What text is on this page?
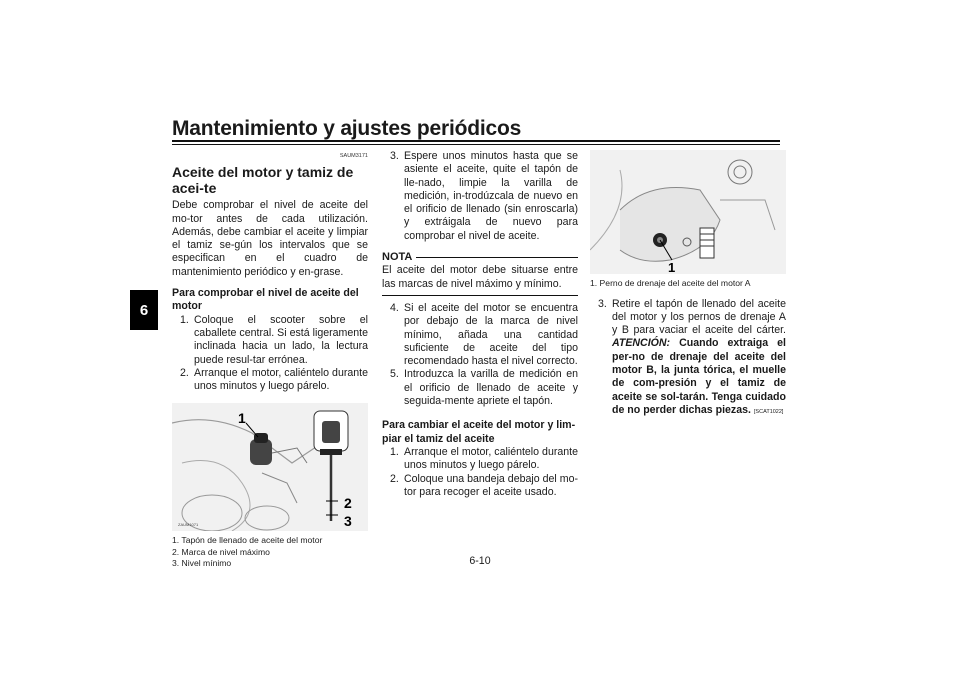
Mantenimiento y ajustes periódicos
6
SAUM3171
Aceite del motor y tamiz de acei-te

Debe comprobar el nivel de aceite del mo-tor antes de cada utilización. Además, debe cambiar el aceite y limpiar el tamiz se-gún los intervalos que se especifican en el cuadro de mantenimiento periódico y en-grase.

Para comprobar el nivel de aceite del motor
1. Coloque el scooter sobre el caballete central. Si está ligeramente inclinada hacia un lado, la lectura puede resul-tar errónea.
2. Arranque el motor, caliéntelo durante unos minutos y luego párelo.
ZAUM1071
1
2
3
1. Tapón de llenado de aceite del motor
2. Marca de nivel máximo
3. Nivel mínimo
3. Espere unos minutos hasta que se asiente el aceite, quite el tapón de lle-nado, limpie la varilla de medición, in-trodúzcala de nuevo en el orificio de llenado (sin enroscarla) y extráigala de nuevo para comprobar el nivel de aceite.
NOTA

El aceite del motor debe situarse entre las marcas de nivel máximo y mínimo.

4. Si el aceite del motor se encuentra por debajo de la marca de nivel mínimo, añada una cantidad suficiente de aceite del tipo recomendado hasta el nivel correcto.
5. Introduzca la varilla de medición en el orificio de llenado de aceite y seguida-mente apriete el tapón.
Para cambiar el aceite del motor y lim-piar el tamiz del aceite
1. Arranque el motor, caliéntelo durante unos minutos y luego párelo.
2. Coloque una bandeja debajo del mo-tor para recoger el aceite usado.
1
1. Perno de drenaje del aceite del motor A
3. Retire el tapón de llenado del aceite del motor y los pernos de drenaje A y B para vaciar el aceite del cárter. ATENCIÓN: Cuando extraiga el per-no de drenaje del aceite del motor B, la junta tórica, el muelle de com-presión y el tamiz de aceite se sol-tarán. Tenga cuidado de no perder dichas piezas. [SCAT1022]
6-10
